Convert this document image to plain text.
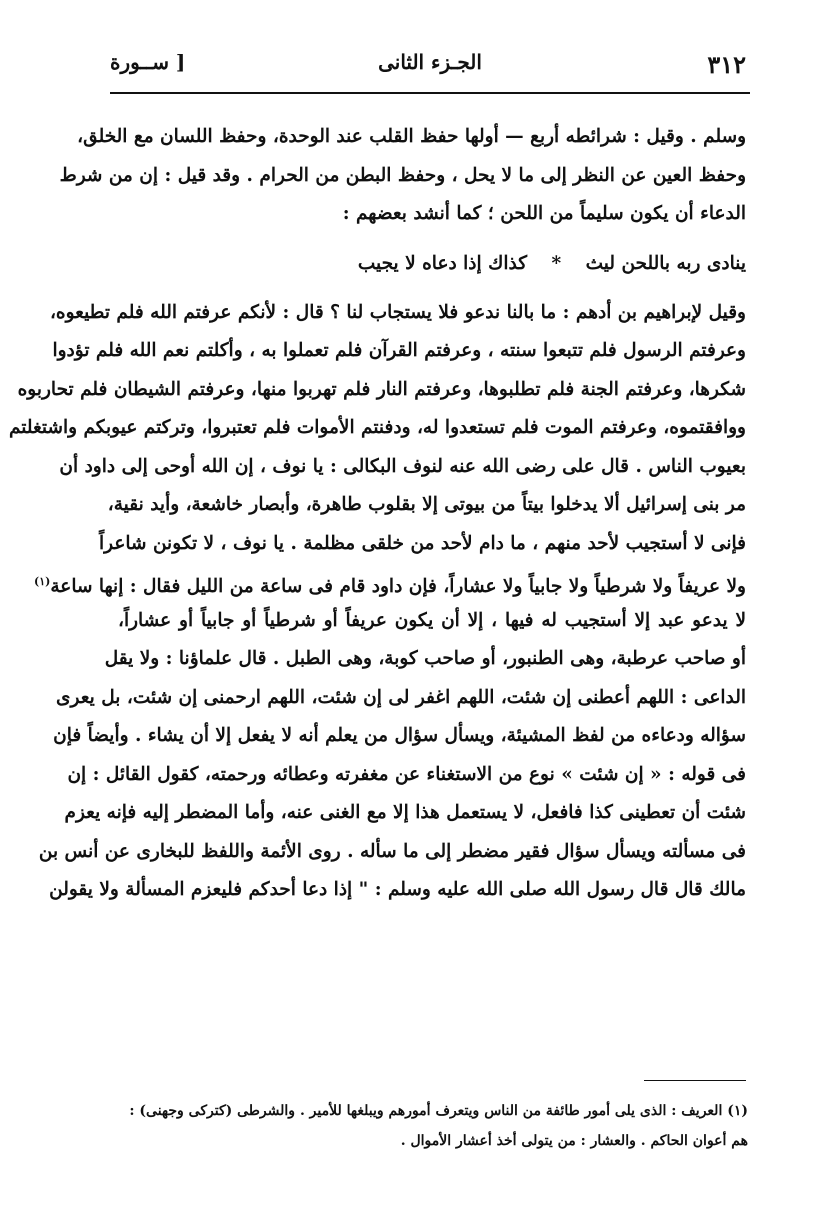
٣١٢
الجـزء الثانى
[ ســورة
وسلم . وقيل : شرائطه أربع — أولها حفظ القلب عند الوحدة، وحفظ اللسان مع الخلق،
وحفظ العين عن النظر إلى ما لا يحل ، وحفظ البطن من الحرام . وقد قيل : إن من شرط
الدعاء أن يكون سليماً من اللحن ؛ كما أنشد بعضهم :
ينادى ربه باللحن ليث * كذاك إذا دعاه لا يجيب
وقيل لإبراهيم بن أدهم : ما بالنا ندعو فلا يستجاب لنا ؟ قال : لأنكم عرفتم الله فلم تطيعوه،
وعرفتم الرسول فلم تتبعوا سنته ، وعرفتم القرآن فلم تعملوا به ، وأكلتم نعم الله فلم تؤدوا
شكرها، وعرفتم الجنة فلم تطلبوها، وعرفتم النار فلم تهربوا منها، وعرفتم الشيطان فلم تحاربوه
ووافقتموه، وعرفتم الموت فلم تستعدوا له، ودفنتم الأموات فلم تعتبروا، وتركتم عيوبكم واشتغلتم
بعيوب الناس . قال على رضى الله عنه لنوف البكالى : يا نوف ، إن الله أوحى إلى داود أن
مر بنى إسرائيل ألا يدخلوا بيتاً من بيوتى إلا بقلوب طاهرة، وأبصار خاشعة، وأيد نقية،
فإنى لا أستجيب لأحد منهم ، ما دام لأحد من خلقى مظلمة . يا نوف ، لا تكونن شاعراً
ولا عريفاً ولا شرطياً ولا جابياً ولا عشاراً، فإن داود قام فى ساعة من الليل فقال : إنها ساعة$^{(١)}$
لا يدعو عبد إلا أستجيب له فيها ، إلا أن يكون عريفاً أو شرطياً أو جابياً أو عشاراً،
أو صاحب عرطبة، وهى الطنبور، أو صاحب كوبة، وهى الطبل . قال علماؤنا : ولا يقل
الداعى : اللهم أعطنى إن شئت، اللهم اغفر لى إن شئت، اللهم ارحمنى إن شئت، بل يعرى
سؤاله ودعاءه من لفظ المشيئة، ويسأل سؤال من يعلم أنه لا يفعل إلا أن يشاء . وأيضاً فإن
فى قوله : « إن شئت » نوع من الاستغناء عن مغفرته وعطائه ورحمته، كقول القائل : إن
شئت أن تعطينى كذا فافعل، لا يستعمل هذا إلا مع الغنى عنه، وأما المضطر إليه فإنه يعزم
فى مسألته ويسأل سؤال فقير مضطر إلى ما سأله . روى الأئمة واللفظ للبخارى عن أنس بن
مالك قال قال رسول الله صلى الله عليه وسلم : " إذا دعا أحدكم فليعزم المسألة ولا يقولن
(١) العريف : الذى يلى أمور طائفة من الناس ويتعرف أمورهم ويبلغها للأمير . والشرطى (كتركى وجهنى) :
هم أعوان الحاكم . والعشار : من يتولى أخذ أعشار الأموال .
